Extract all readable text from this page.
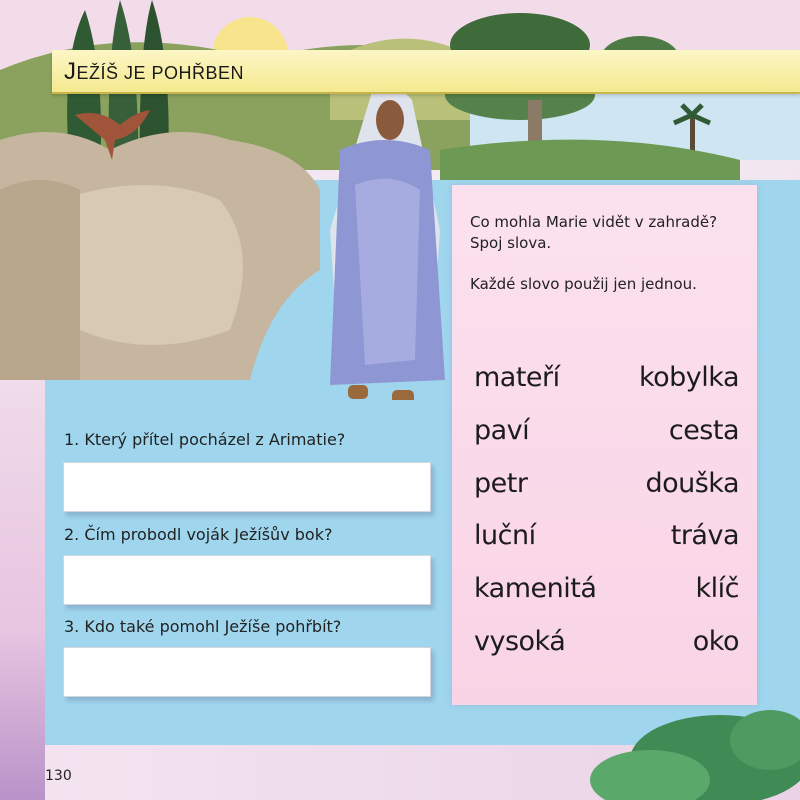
JEŽÍŠ JE POHŘBEN
Co mohla Marie vidět v zahradě?
Spoj slova.
Každé slovo použij jen jednou.
mateří
paví
petr
luční
kamenitá
vysoká
kobylka
cesta
douška
tráva
klíč
oko
1. Který přítel pocházel z Arimatie?
2. Čím probodl voják Ježíšův bok?
3. Kdo také pomohl Ježíše pohřbít?
130
